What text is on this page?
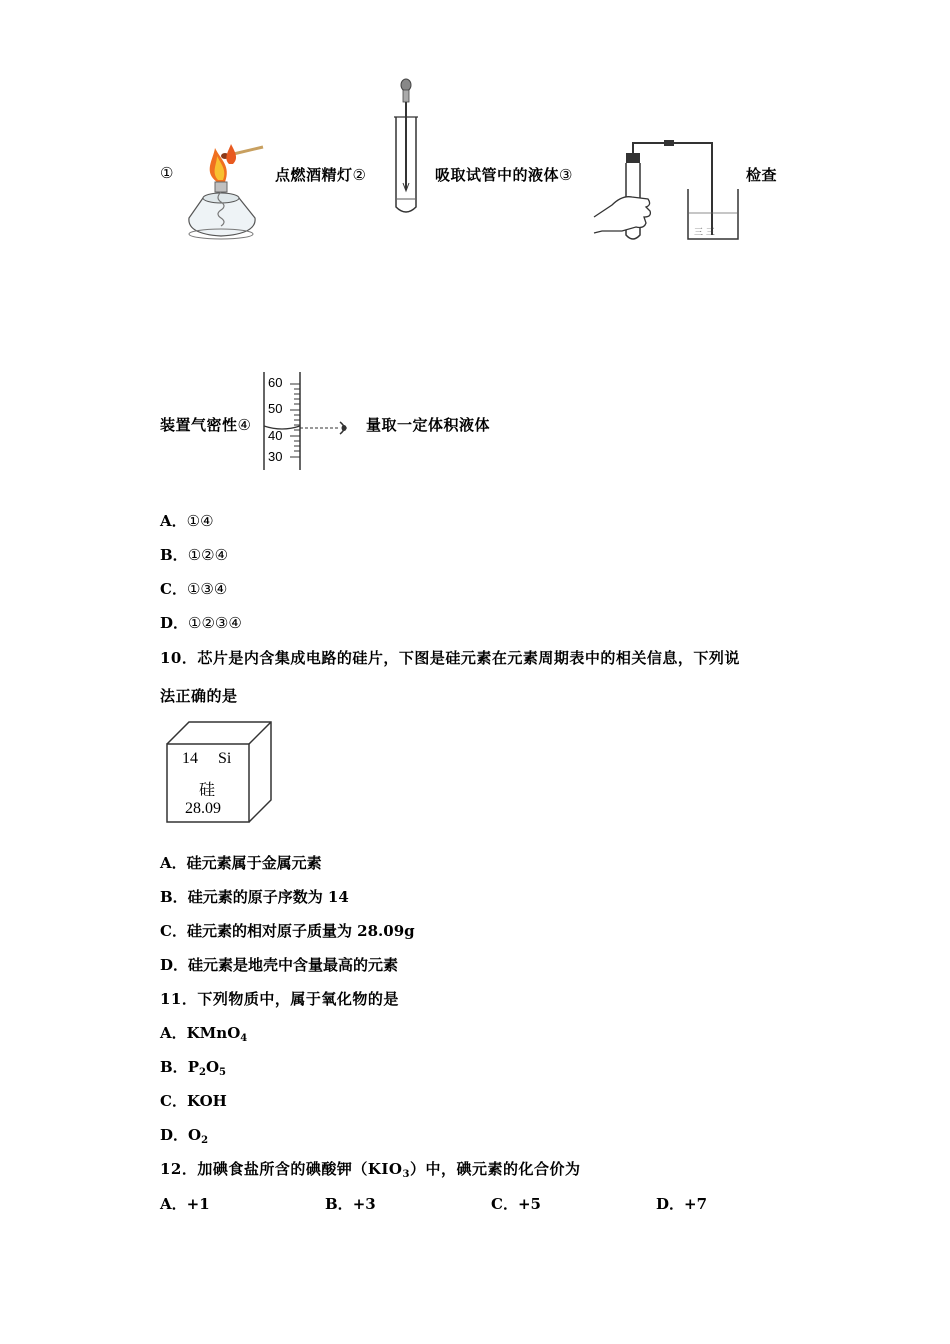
①	点燃酒精灯②	吸取试管中的液体③
三 三
检查
装置气密性④
60
50
40
30
量取一定体积液体
A．①④
B．①②④
C．①③④
D．①②③④
10．芯片是内含集成电路的硅片，下图是硅元素在元素周期表中的相关信息，下列说
法正确的是
14 Si
硅
28.09
A．硅元素属于金属元素
B．硅元素的原子序数为 14
C．硅元素的相对原子质量为 28.09g
D．硅元素是地壳中含量最高的元素
11．下列物质中，属于氧化物的是
A．KMnO$_4$
B．$P_2O_5$
C．KOH
D．$O_2$
12．加碘食盐所含的碘酸钾$(KIO_3)$中，碘元素的化合价为
A．+1	B．+3	C．+5	D．+7
